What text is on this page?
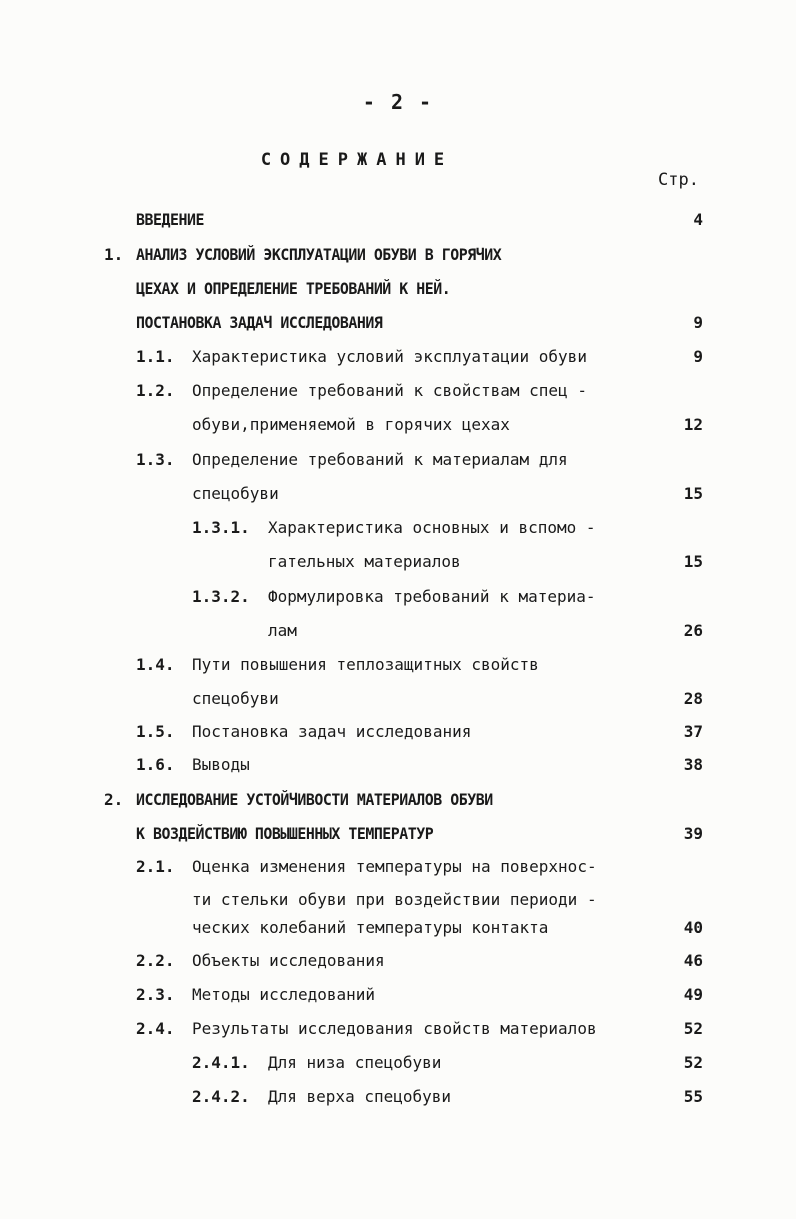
- 2 -
СОДЕРЖАНИЕ
Стр.
ВВЕДЕНИЕ	4
1. АНАЛИЗ УСЛОВИЙ ЭКСПЛУАТАЦИИ ОБУВИ В ГОРЯЧИХ
ЦЕХАХ И ОПРЕДЕЛЕНИЕ ТРЕБОВАНИЙ К НЕЙ.
ПОСТАНОВКА ЗАДАЧ ИССЛЕДОВАНИЯ	9
1.1. Характеристика условий эксплуатации обуви	9
1.2. Определение требований к свойствам спец -
обуви,применяемой в горячих цехах	12
1.3. Определение требований к материалам для
спецобуви	15
1.3.1. Характеристика основных и вспомо -
гательных материалов	15
1.3.2. Формулировка требований к материа-
лам	26
1.4. Пути повышения теплозащитных свойств
спецобуви	28
1.5. Постановка задач исследования	37
1.6. Выводы	38
2. ИССЛЕДОВАНИЕ УСТОЙЧИВОСТИ МАТЕРИАЛОВ ОБУВИ
К ВОЗДЕЙСТВИЮ ПОВЫШЕННЫХ ТЕМПЕРАТУР	39
2.1. Оценка изменения температуры на поверхнос-
ти стельки обуви при воздействии периоди -
ческих колебаний температуры контакта	40
2.2. Объекты исследования	46
2.3. Методы исследований	49
2.4. Результаты исследования свойств материалов	52
2.4.1. Для низа спецобуви	52
2.4.2. Для верха спецобуви	55
